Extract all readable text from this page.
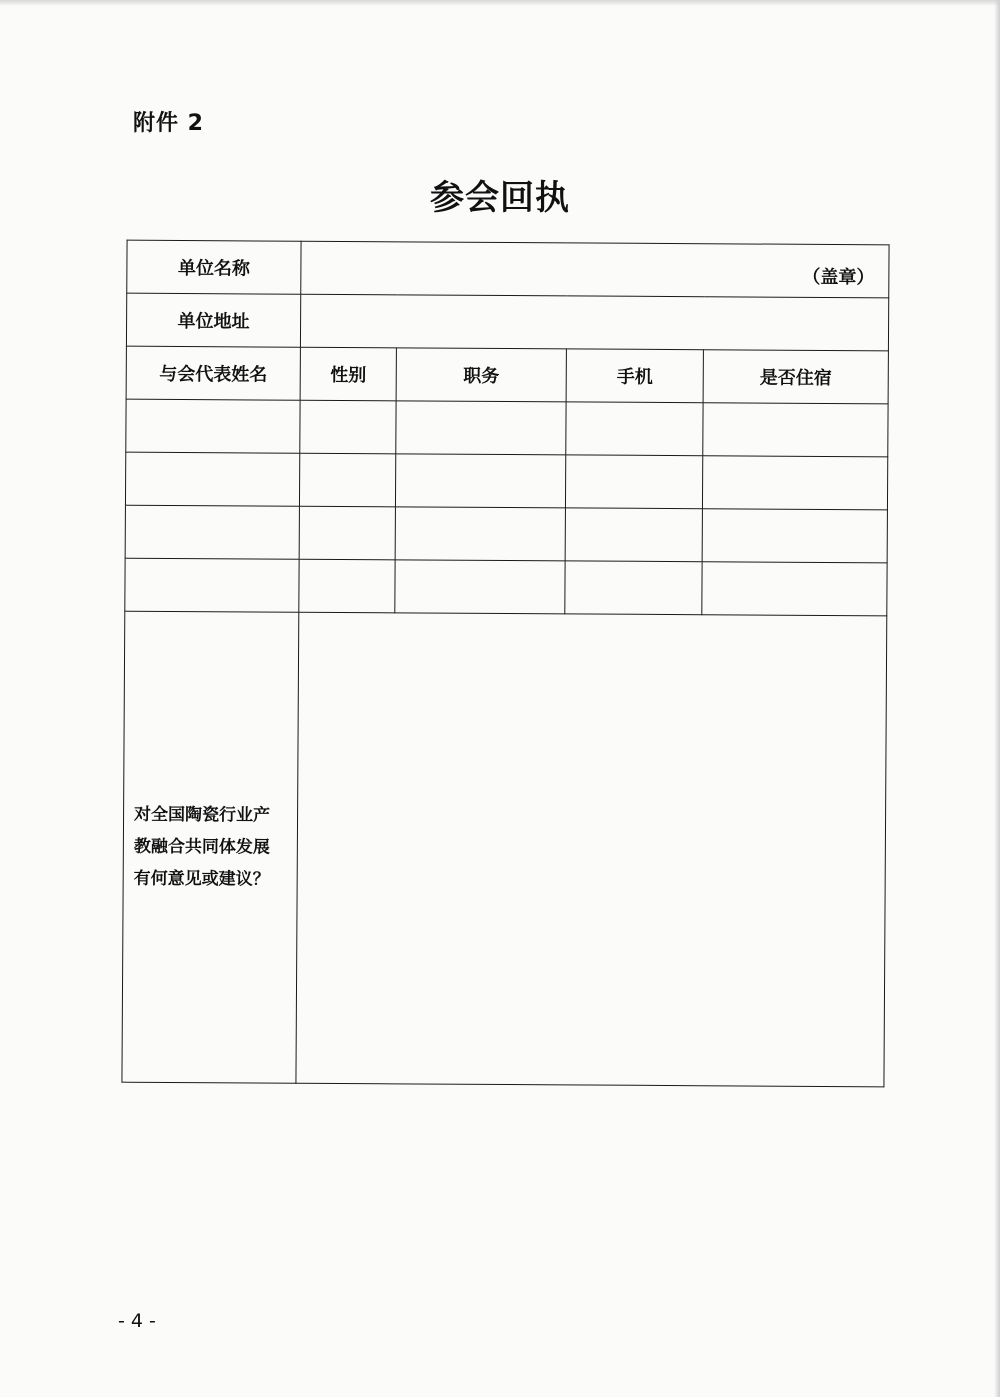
附件 2
参会回执
单位名称	（盖章）			
单位地址				
与会代表姓名	性别	职务	手机	是否住宿

对全国陶瓷行业产
教融合共同体发展
有何意见或建议？				

- 4 -
